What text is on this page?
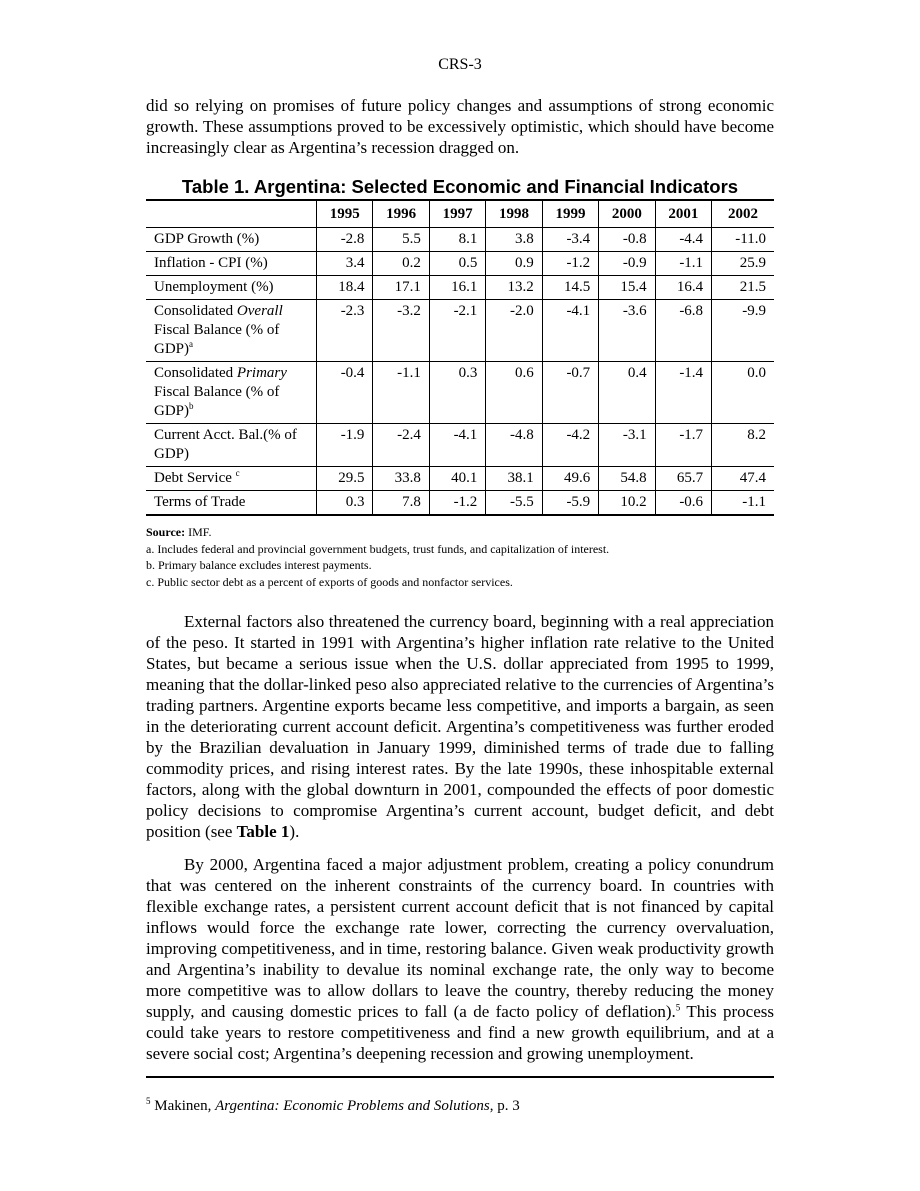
CRS-3

did so relying on promises of future policy changes and assumptions of strong economic growth. These assumptions proved to be excessively optimistic, which should have become increasingly clear as Argentina’s recession dragged on.

Table 1. Argentina: Selected Economic and Financial Indicators
	1995	1996	1997	1998	1999	2000	2001	2002
GDP Growth (%)	-2.8	5.5	8.1	3.8	-3.4	-0.8	-4.4	-11.0
Inflation - CPI (%)	3.4	0.2	0.5	0.9	-1.2	-0.9	-1.1	25.9
Unemployment (%)	18.4	17.1	16.1	13.2	14.5	15.4	16.4	21.5
Consolidated Overall Fiscal Balance (% of GDP)$^a$	-2.3	-3.2	-2.1	-2.0	-4.1	-3.6	-6.8	-9.9
Consolidated Primary Fiscal Balance (% of GDP)$^b$	-0.4	-1.1	0.3	0.6	-0.7	0.4	-1.4	0.0
Current Acct. Bal.(% of GDP)	-1.9	-2.4	-4.1	-4.8	-4.2	-3.1	-1.7	8.2
Debt Service $^c$	29.5	33.8	40.1	38.1	49.6	54.8	65.7	47.4
Terms of Trade	0.3	7.8	-1.2	-5.5	-5.9	10.2	-0.6	-1.1
Source: IMF.
a. Includes federal and provincial government budgets, trust funds, and capitalization of interest.
b. Primary balance excludes interest payments.
c. Public sector debt as a percent of exports of goods and nonfactor services.

External factors also threatened the currency board, beginning with a real appreciation of the peso. It started in 1991 with Argentina’s higher inflation rate relative to the United States, but became a serious issue when the U.S. dollar appreciated from 1995 to 1999, meaning that the dollar-linked peso also appreciated relative to the currencies of Argentina’s trading partners. Argentine exports became less competitive, and imports a bargain, as seen in the deteriorating current account deficit. Argentina’s competitiveness was further eroded by the Brazilian devaluation in January 1999, diminished terms of trade due to falling commodity prices, and rising interest rates. By the late 1990s, these inhospitable external factors, along with the global downturn in 2001, compounded the effects of poor domestic policy decisions to compromise Argentina’s current account, budget deficit, and debt position (see Table 1).

By 2000, Argentina faced a major adjustment problem, creating a policy conundrum that was centered on the inherent constraints of the currency board. In countries with flexible exchange rates, a persistent current account deficit that is not financed by capital inflows would force the exchange rate lower, correcting the currency overvaluation, improving competitiveness, and in time, restoring balance. Given weak productivity growth and Argentina’s inability to devalue its nominal exchange rate, the only way to become more competitive was to allow dollars to leave the country, thereby reducing the money supply, and causing domestic prices to fall (a de facto policy of deflation).$^5$ This process could take years to restore competitiveness and find a new growth equilibrium, and at a severe social cost; Argentina’s deepening recession and growing unemployment.

$^5$ Makinen, Argentina: Economic Problems and Solutions, p. 3
